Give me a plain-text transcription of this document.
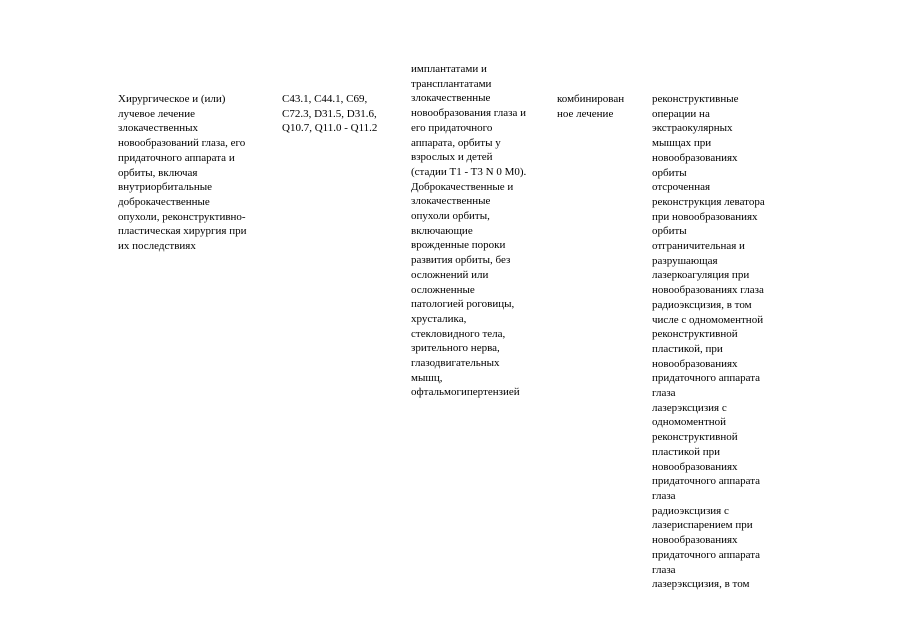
Хирургическое и (или)
лучевое лечение
злокачественных
новообразований глаза, его
придаточного аппарата и
орбиты, включая
внутриорбитальные
доброкачественные
опухоли, реконструктивно-
пластическая хирургия при
их последствиях
C43.1, C44.1, C69,
C72.3, D31.5, D31.6,
Q10.7, Q11.0 - Q11.2
имплантатами и
трансплантатами
злокачественные
новообразования глаза и
его придаточного
аппарата, орбиты у
взрослых и детей
(стадии T1 - T3 N 0 M0).
Доброкачественные и
злокачественные
опухоли орбиты,
включающие
врожденные пороки
развития орбиты, без
осложнений или
осложненные
патологией роговицы,
хрусталика,
стекловидного тела,
зрительного нерва,
глазодвигательных
мышц,
офтальмогипертензией
комбинирован
ное лечение
реконструктивные
операции на
экстраокулярных
мышцах при
новообразованиях
орбиты
отсроченная
реконструкция леватора
при новообразованиях
орбиты
отграничительная и
разрушающая
лазеркоагуляция при
новообразованиях глаза
радиоэксцизия, в том
числе с одномоментной
реконструктивной
пластикой, при
новообразованиях
придаточного аппарата
глаза
лазерэксцизия с
одномоментной
реконструктивной
пластикой при
новообразованиях
придаточного аппарата
глаза
радиоэксцизия с
лазериспарением при
новообразованиях
придаточного аппарата
глаза
лазерэксцизия, в том
